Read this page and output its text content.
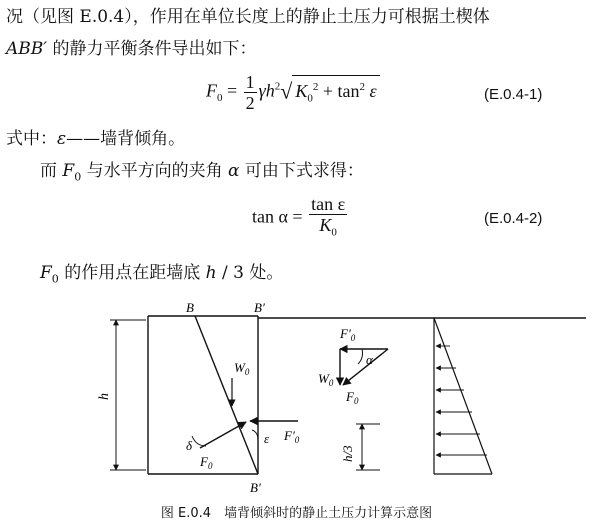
况（见图 E.0.4），作用在单位长度上的静止土压力可根据土楔体
ABB′ 的静力平衡条件导出如下：
$F_0 = \frac{1}{2} \gamma h^2√$ $K_0^2 + \tan^2 \varepsilon$	(E.0.4-1)
式中：ε——墙背倾角。
而 $F_0$ 与水平方向的夹角 α 可由下式求得：
$\tan \alpha = \frac{\text{tan ε}}{K_0}$	(E.0.4-2)
$F_0$ 的作用点在距墙底 h / 3 处。
B	B′
B′
h
$W_0$
δ
$F_0$
ε $F'_0$
$F'_0$
α
$W_0$
$F_0$
h/3
图 E.0.4　墙背倾斜时的静止土压力计算示意图
